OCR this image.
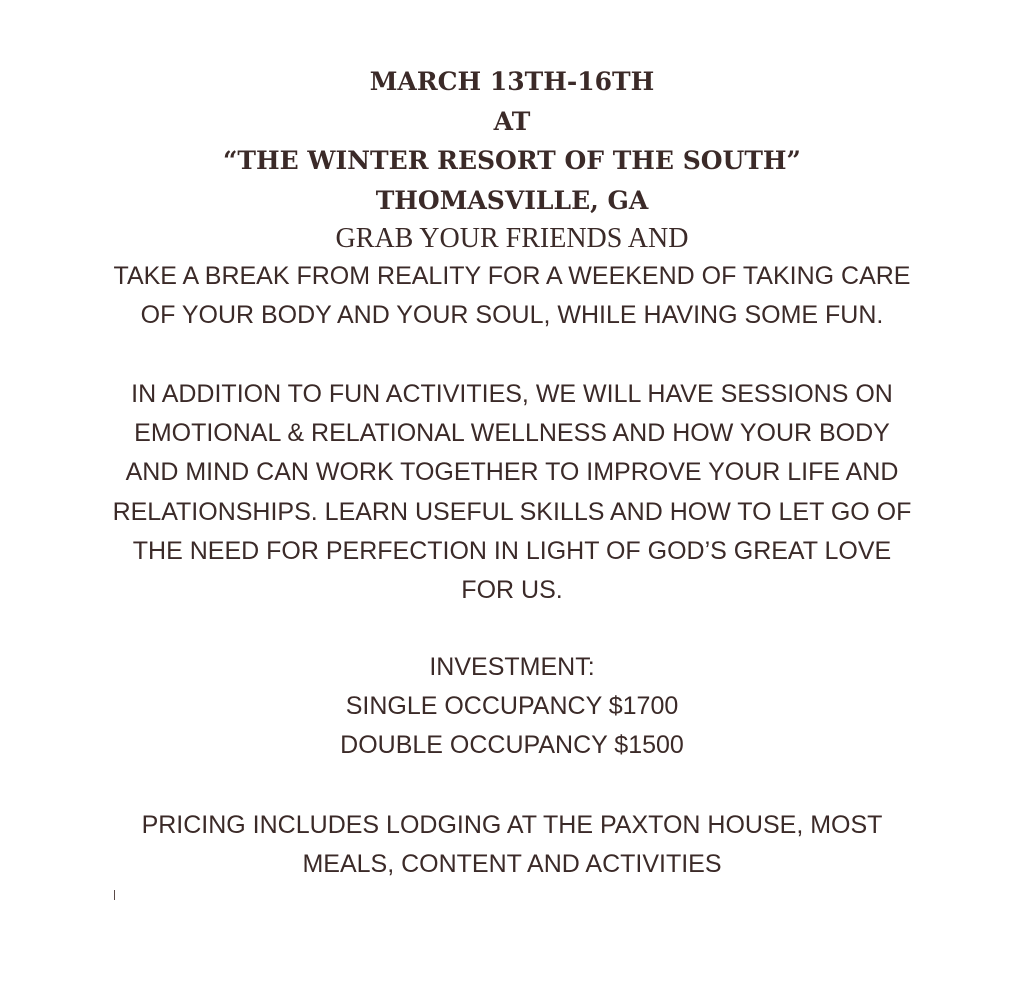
MARCH 13TH-16TH
AT
“THE WINTER RESORT OF THE SOUTH”
THOMASVILLE, GA
GRAB YOUR FRIENDS AND
TAKE A BREAK FROM REALITY FOR A WEEKEND OF TAKING CARE
OF YOUR BODY AND YOUR SOUL, WHILE HAVING SOME FUN.
IN ADDITION TO FUN ACTIVITIES, WE WILL HAVE SESSIONS ON
EMOTIONAL & RELATIONAL WELLNESS AND HOW YOUR BODY
AND MIND CAN WORK TOGETHER TO IMPROVE YOUR LIFE AND
RELATIONSHIPS. LEARN USEFUL SKILLS AND HOW TO LET GO OF
THE NEED FOR PERFECTION IN LIGHT OF GOD’S GREAT LOVE
FOR US.
INVESTMENT:
SINGLE OCCUPANCY $1700
DOUBLE OCCUPANCY $1500
PRICING INCLUDES LODGING AT THE PAXTON HOUSE, MOST
MEALS, CONTENT AND ACTIVITIES
